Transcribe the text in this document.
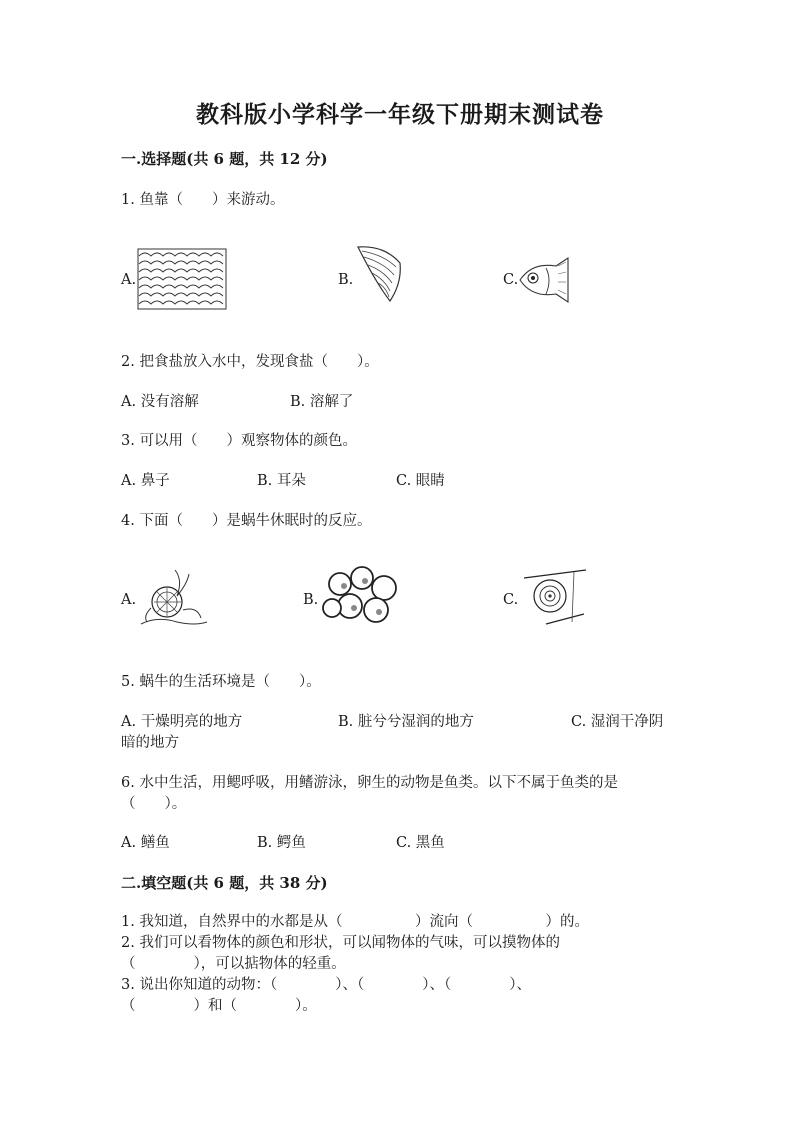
教科版小学科学一年级下册期末测试卷
一.选择题(共 6 题，共 12 分)
1. 鱼靠（　　）来游动。
A.	B.	C.
2. 把食盐放入水中，发现食盐（　　）。
A. 没有溶解	B. 溶解了
3. 可以用（　　）观察物体的颜色。
A. 鼻子	B. 耳朵	C. 眼睛
4. 下面（　　）是蜗牛休眠时的反应。
A.	B.	C.
5. 蜗牛的生活环境是（　　）。
A. 干燥明亮的地方	B. 脏兮兮湿润的地方	C. 湿润干净阴
暗的地方
6. 水中生活，用鳃呼吸，用鳍游泳，卵生的动物是鱼类。以下不属于鱼类的是
（　　）。
A. 鳝鱼	B. 鳄鱼	C. 黑鱼
二.填空题(共 6 题，共 38 分)
1. 我知道，自然界中的水都是从（　　　　　）流向（　　　　　）的。
2. 我们可以看物体的颜色和形状，可以闻物体的气味，可以摸物体的
（　　　　），可以掂物体的轻重。
3. 说出你知道的动物：（　　　　）、（　　　　）、（　　　　）、
（　　　　）和（　　　　）。
